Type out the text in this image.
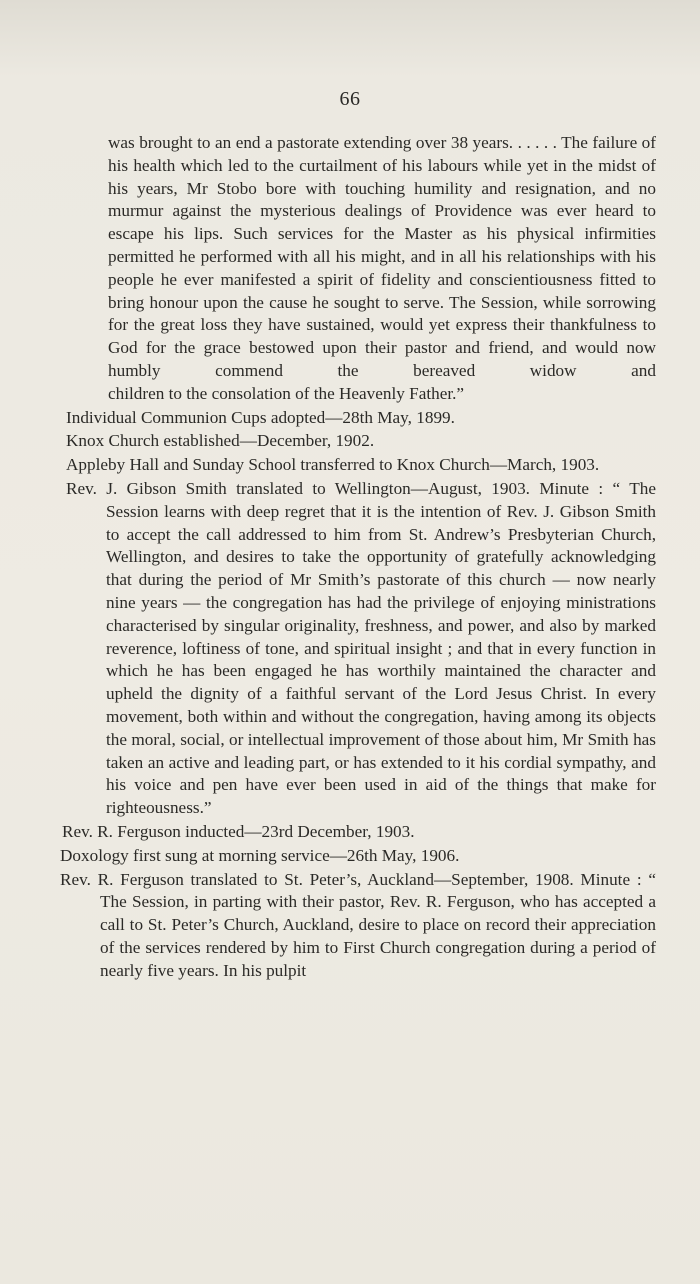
66
was brought to an end a pastorate extending over 38 years. . . . . . The failure of his health which led to the curtailment of his labours while yet in the midst of his years, Mr Stobo bore with touching humility and resignation, and no murmur against the mysterious dealings of Providence was ever heard to escape his lips. Such services for the Master as his physical infirmities permitted he performed with all his might, and in all his relationships with his people he ever manifested a spirit of fidelity and conscientiousness fitted to bring honour upon the cause he sought to serve. The Session, while sorrowing for the great loss they have sustained, would yet express their thankfulness to God for the grace bestowed upon their pastor and friend, and would now humbly commend the bereaved widow and
children to the consolation of the Heavenly Father.”
Individual Communion Cups adopted—28th May, 1899.
Knox Church established—December, 1902.
Appleby Hall and Sunday School transferred to Knox Church—March, 1903.
Rev. J. Gibson Smith translated to Wellington—August, 1903. Minute : “ The Session learns with deep regret that it is the intention of Rev. J. Gibson Smith to accept the call addressed to him from St. Andrew’s Presbyterian Church, Wellington, and desires to take the opportunity of gratefully acknowledging that during the period of Mr Smith’s pastorate of this church — now nearly nine years — the congregation has had the privilege of enjoying ministrations characterised by singular originality, freshness, and power, and also by marked reverence, loftiness of tone, and spiritual insight ; and that in every function in which he has been engaged he has worthily maintained the character and upheld the dignity of a faithful servant of the Lord Jesus Christ. In every movement, both within and without the congregation, having among its objects the moral, social, or intellectual improvement of those about him, Mr Smith has taken an active and leading part, or has extended to it his cordial sympathy, and his voice and pen have ever been used in aid of the things that make for righteousness.”
Rev. R. Ferguson inducted—23rd December, 1903.
Doxology first sung at morning service—26th May, 1906.
Rev. R. Ferguson translated to St. Peter’s, Auckland—September, 1908. Minute : “ The Session, in parting with their pastor, Rev. R. Ferguson, who has accepted a call to St. Peter’s Church, Auckland, desire to place on record their appreciation of the services rendered by him to First Church congregation during a period of nearly five years. In his pulpit
